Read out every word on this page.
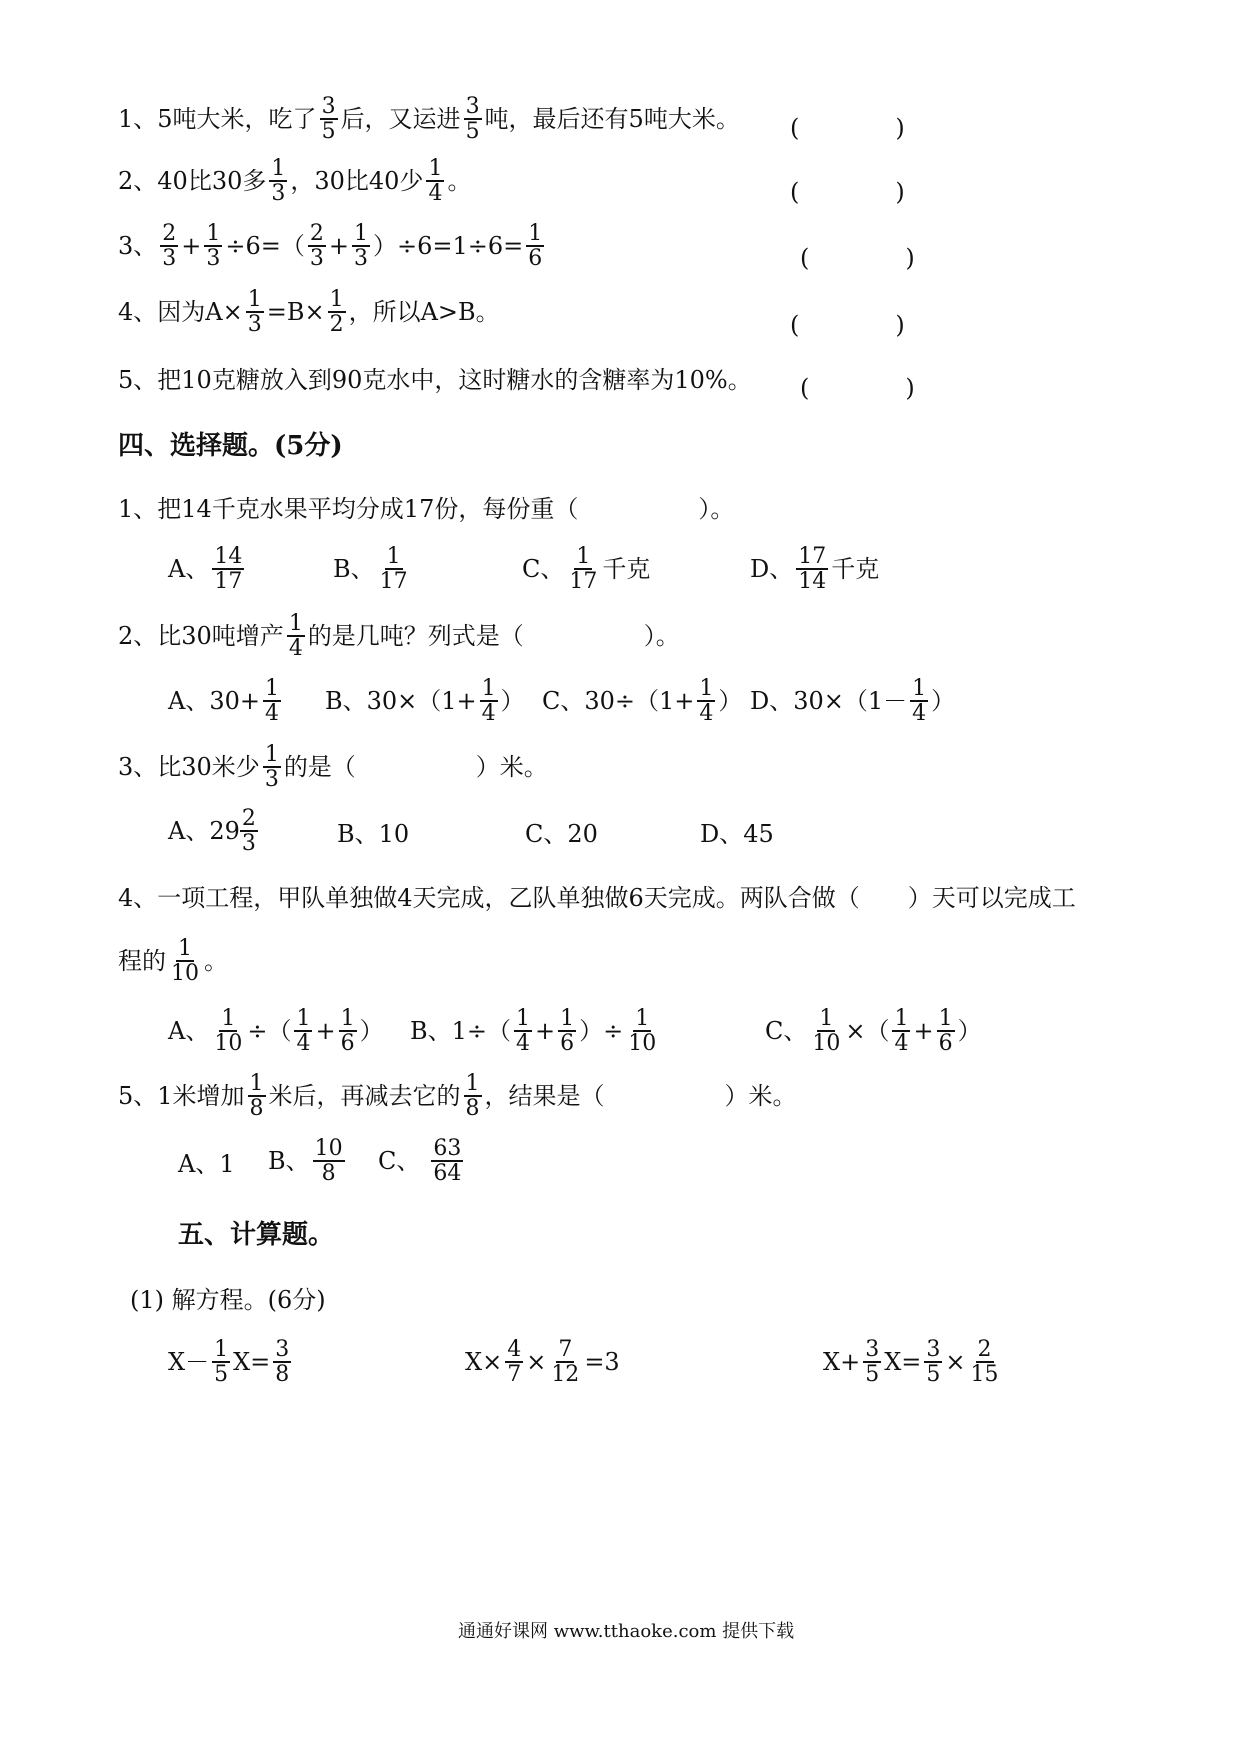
1、 5吨大米，吃了 $\frac{3}{5}$ 后，又运进 $\frac{3}{5}$ 吨，最后还有5吨大米。 (　　　　)
2、 40比30多 $\frac{1}{3}$ ，30比40少 $\frac{1}{4}$ 。	(　　　　)
3、 $\frac{2}{3} + \frac{1}{3} \div 6=( \frac{2}{3} + \frac{1}{3} )\div 6=1\div 6= \frac{1}{6}$	(　　　　)
4、 因为$A\times \frac{1}{3} =B\times \frac{1}{2}$ ，所以A>B。	(　　　　)
5、 把10克糖放入到90克水中，这时糖水的含糖率为10%。 (　　　　)
四、选择题。(5分)
1、把14千克水果平均分成17份，每份重（　　　　　）。
A、 $\frac{14}{17}$	B、 $\frac{1}{17}$	C、 $\frac{1}{17}$ 千克	D、 $\frac{17}{14}$ 千克
2、比30吨增产 $\frac{1}{4}$ 的是几吨？列式是（　　　　　）。
A、$30+ \frac{1}{4}$ B、$30\times(1+ \frac{1}{4}$ ） C、$30\div(1+ \frac{1}{4}$ ） D、$30\times(1- \frac{1}{4}$ ）
3、比30米少 $\frac{1}{3}$ 的是（　　　　　）米。
A、$29 \frac{2}{3}$	B、10	C、20	D、45
4、一项工程，甲队单独做4天完成，乙队单独做6天完成。两队合做（　　）天可以完成工
程的 $\frac{1}{10}$ 。
A、 $\frac{1}{10}$ ÷（ $\frac{1}{4} + \frac{1}{6}$ ） B、$1\div( \frac{1}{4} + \frac{1}{6}$ ）÷ $\frac{1}{10}$	C、 $\frac{1}{10}$ ×（ $\frac{1}{4} + \frac{1}{6}$ ）
5、1米增加 $\frac{1}{8}$ 米后，再减去它的 $\frac{1}{8}$ ，结果是（　　　　　）米。
A、1 B、 $\frac{10}{8}$ C、 $\frac{63}{64}$
五、计算题。
(1) 解方程。(6分)
$X- \frac{1}{5} X= \frac{3}{8}$	$X\times \frac{4}{7} \times \frac{7}{12} =3$	$X+ \frac{3}{5} X= \frac{3}{5} \times \frac{2}{15}$
通通好课网 www.tthaoke.com 提供下载
